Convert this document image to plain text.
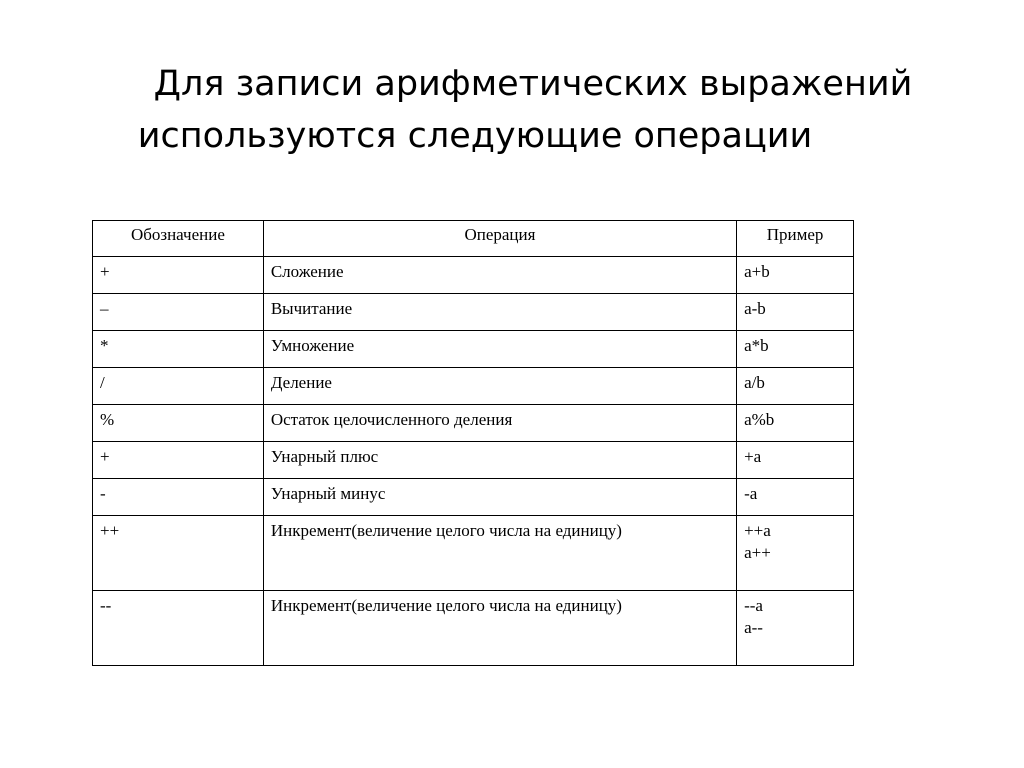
Для записи арифметических выражений
используются следующие операции
Обозначение	Операция	Пример
+	Сложение	a+b

–	Вычитание	a-b

*	Умножение	a*b

/	Деление	a/b

%	Остаток целочисленного деления	a%b

+	Унарный плюс	+a

-	Унарный минус	-a

++	Инкремент(величение целого числа на единицу)	++a
a++

--	Инкремент(величение целого числа на единицу)	--a
a--
